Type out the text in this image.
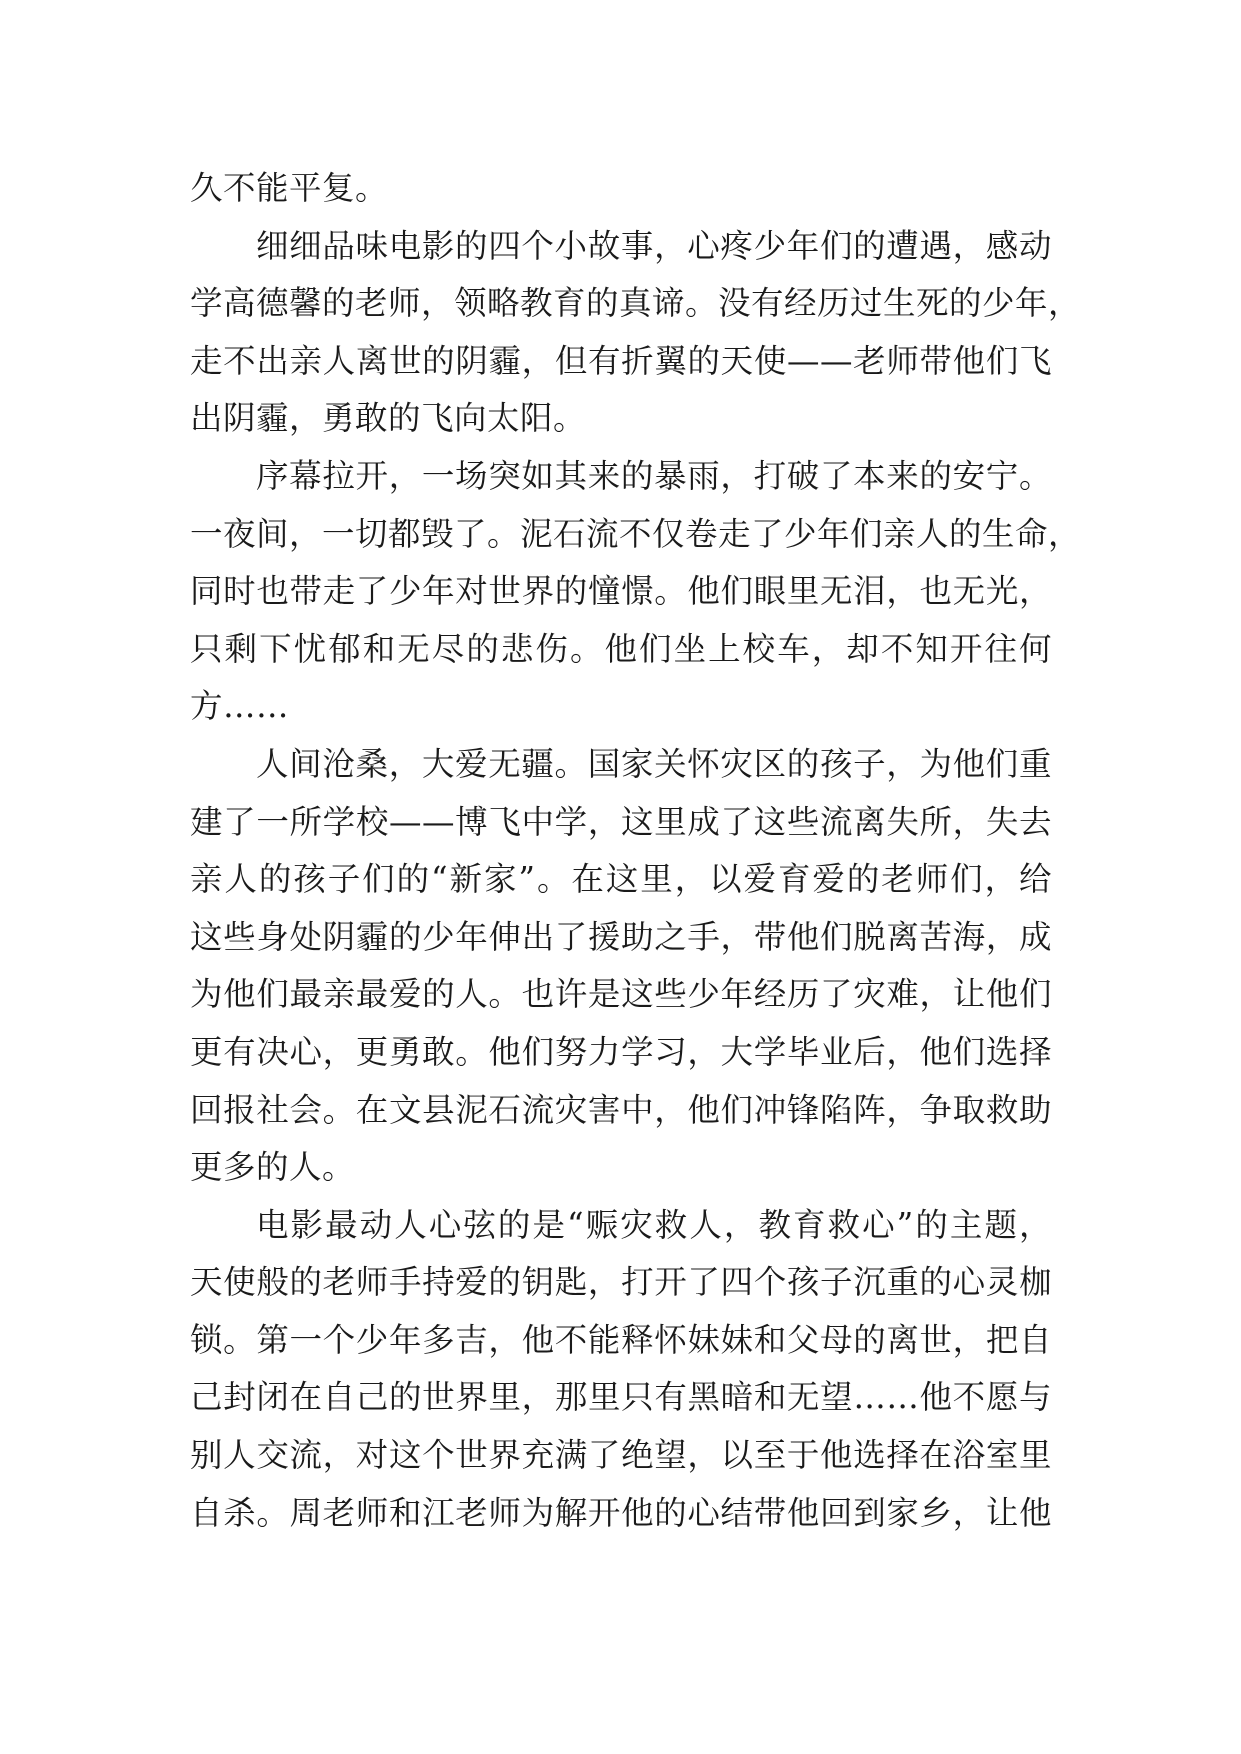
久不能平复。
细细品味电影的四个小故事，心疼少年们的遭遇，感动
学高德馨的老师，领略教育的真谛。没有经历过生死的少年，
走不出亲人离世的阴霾，但有折翼的天使——老师带他们飞
出阴霾，勇敢的飞向太阳。
序幕拉开，一场突如其来的暴雨，打破了本来的安宁。
一夜间，一切都毁了。泥石流不仅卷走了少年们亲人的生命，
同时也带走了少年对世界的憧憬。他们眼里无泪，也无光，
只剩下忧郁和无尽的悲伤。他们坐上校车，却不知开往何
方……
人间沧桑，大爱无疆。国家关怀灾区的孩子，为他们重
建了一所学校——博飞中学，这里成了这些流离失所，失去
亲人的孩子们的“新家”。在这里，以爱育爱的老师们，给
这些身处阴霾的少年伸出了援助之手，带他们脱离苦海，成
为他们最亲最爱的人。也许是这些少年经历了灾难，让他们
更有决心，更勇敢。他们努力学习，大学毕业后，他们选择
回报社会。在文县泥石流灾害中，他们冲锋陷阵，争取救助
更多的人。
电影最动人心弦的是“赈灾救人，教育救心”的主题，
天使般的老师手持爱的钥匙，打开了四个孩子沉重的心灵枷
锁。第一个少年多吉，他不能释怀妹妹和父母的离世，把自
己封闭在自己的世界里，那里只有黑暗和无望……他不愿与
别人交流，对这个世界充满了绝望，以至于他选择在浴室里
自杀。周老师和江老师为解开他的心结带他回到家乡，让他
